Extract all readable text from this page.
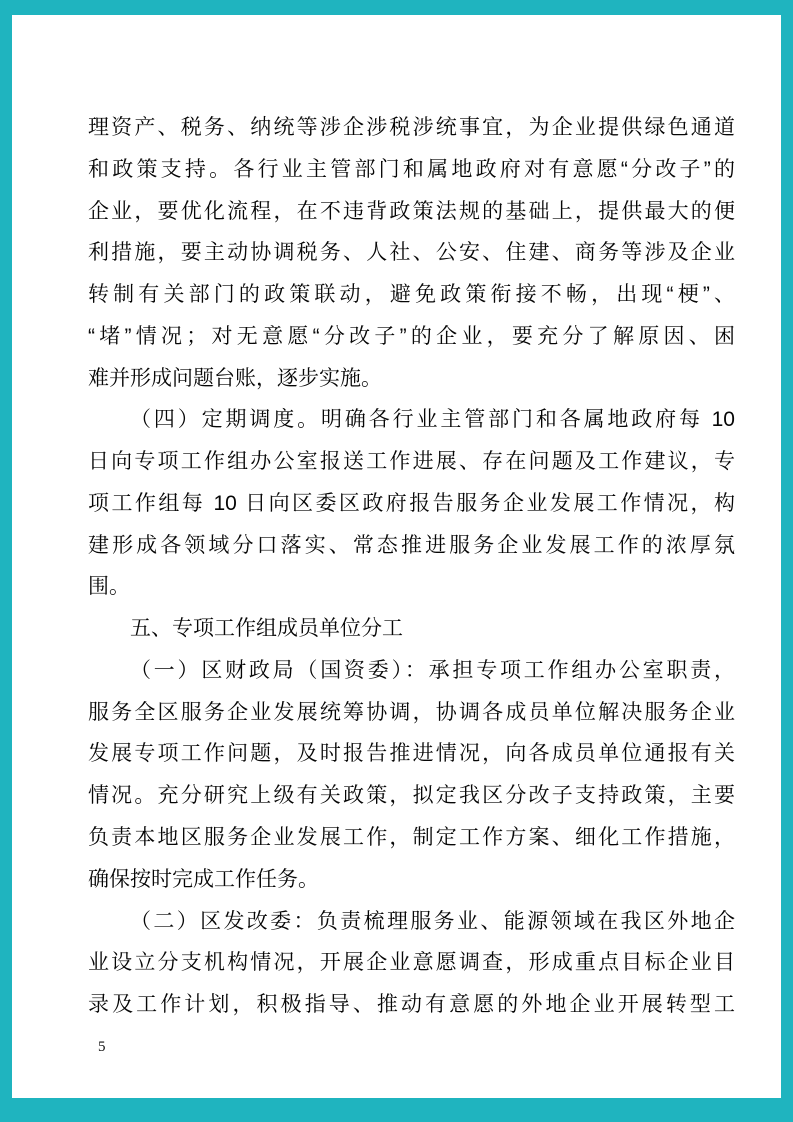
理资产、税务、纳统等涉企涉税涉统事宜，为企业提供绿色通道
和政策支持。各行业主管部门和属地政府对有意愿“分改子”的
企业，要优化流程，在不违背政策法规的基础上，提供最大的便
利措施，要主动协调税务、人社、公安、住建、商务等涉及企业
转制有关部门的政策联动，避免政策衔接不畅，出现“梗”、
“堵”情况；对无意愿“分改子”的企业，要充分了解原因、困
难并形成问题台账，逐步实施。
（四）定期调度。明确各行业主管部门和各属地政府每 10
日向专项工作组办公室报送工作进展、存在问题及工作建议，专
项工作组每 10 日向区委区政府报告服务企业发展工作情况，构
建形成各领域分口落实、常态推进服务企业发展工作的浓厚氛
围。
五、专项工作组成员单位分工
（一）区财政局（国资委）：承担专项工作组办公室职责，
服务全区服务企业发展统筹协调，协调各成员单位解决服务企业
发展专项工作问题，及时报告推进情况，向各成员单位通报有关
情况。充分研究上级有关政策，拟定我区分改子支持政策，主要
负责本地区服务企业发展工作，制定工作方案、细化工作措施，
确保按时完成工作任务。
（二）区发改委：负责梳理服务业、能源领域在我区外地企
业设立分支机构情况，开展企业意愿调查，形成重点目标企业目
录及工作计划，积极指导、推动有意愿的外地企业开展转型工
5
